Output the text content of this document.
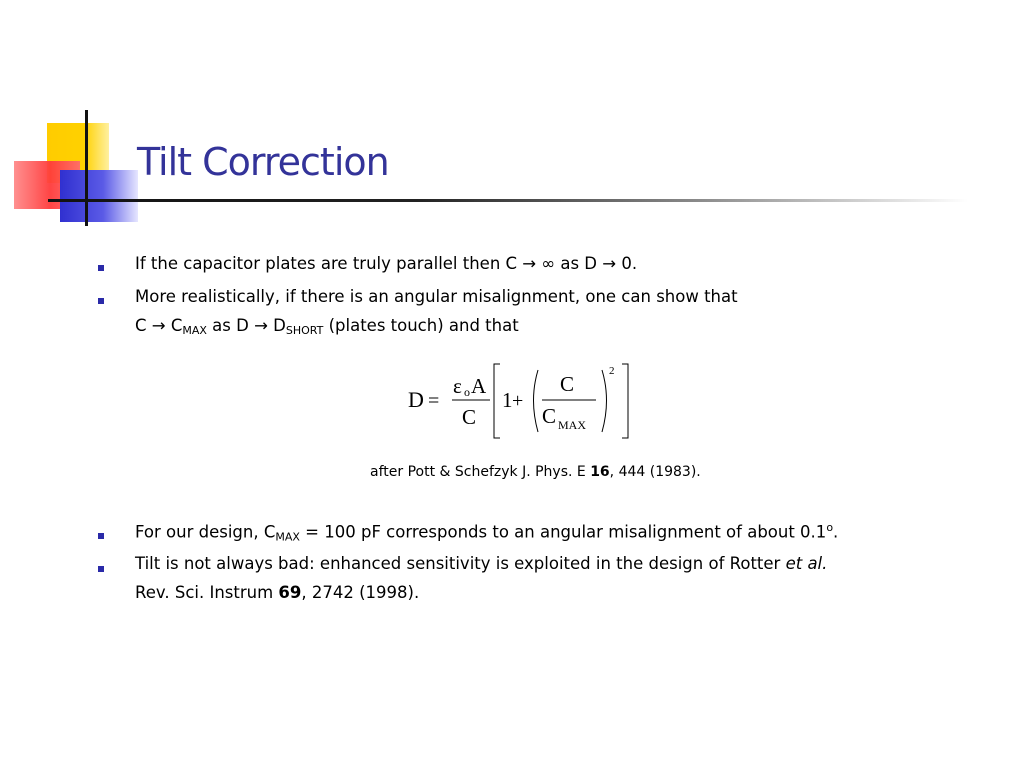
Tilt Correction
If the capacitor plates are truly parallel then C → ∞ as D → 0.
More realistically, if there is an angular misalignment, one can show that
$C \to C_{MAX}$ as $D \to D_{SHORT}$ (plates touch) and that
D =
ε o A
C
1 +
C
C MAX
2
after Pott & Schefzyk J. Phys. E 16, 444 (1983).
For our design, $C_{MAX} = 100$ pF corresponds to an angular misalignment of about 0.1$^o$.
Tilt is not always bad: enhanced sensitivity is exploited in the design of Rotter et al.
Rev. Sci. Instrum 69, 2742 (1998).
